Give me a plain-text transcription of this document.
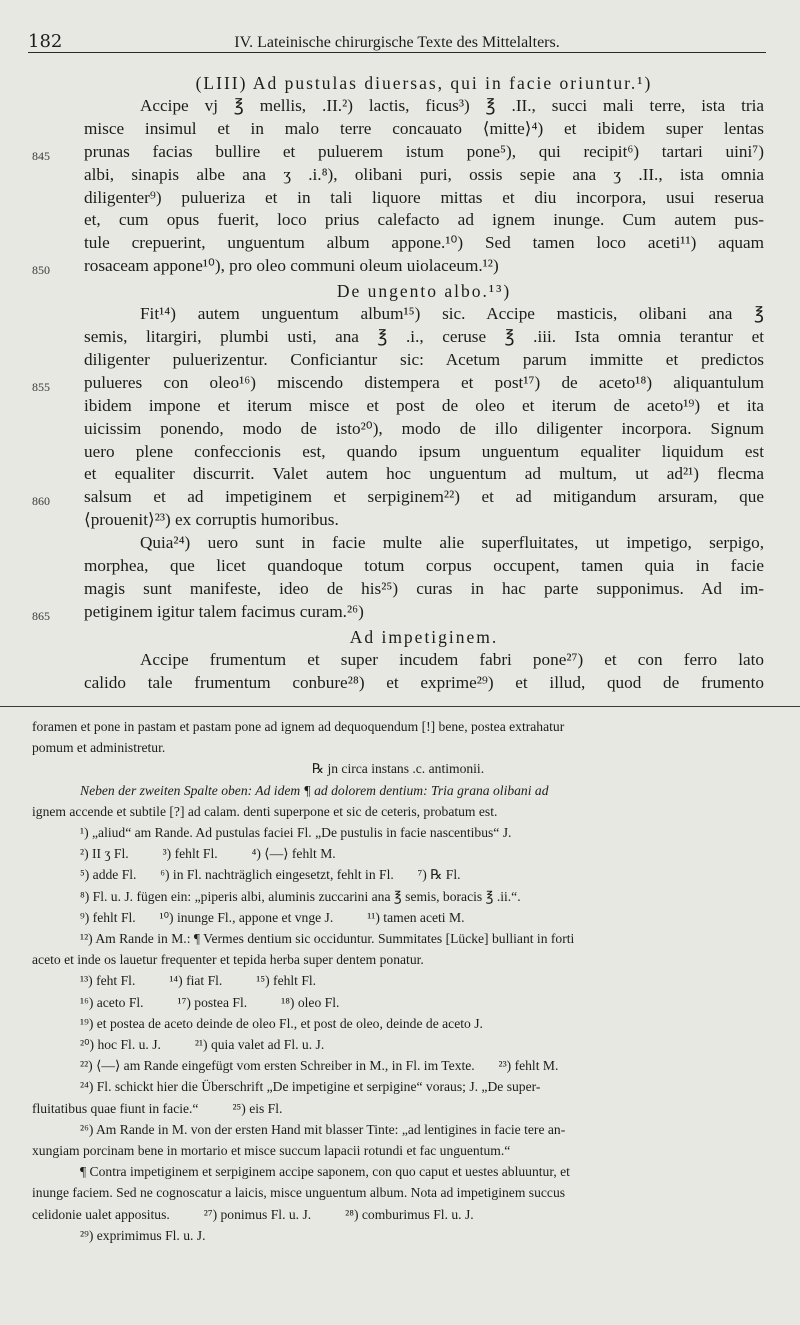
182	IV. Lateinische chirurgische Texte des Mittelalters.
(LIII) Ad pustulas diuersas, qui in facie oriuntur.¹)
Accipe vj ℥ mellis, .II.²) lactis, ficus³) ℥ .II., succi mali terre, ista tria
misce insimul et in malo terre concauato ⟨mitte⟩⁴) et ibidem super lentas
845 prunas facias bullire et puluerem istum pone⁵), qui recipit⁶) tartari uini⁷)
albi, sinapis albe ana ʒ .i.⁸), olibani puri, ossis sepie ana ʒ .II., ista omnia
diligenter⁹) pulueriza et in tali liquore mittas et diu incorpora, usui reserua
et, cum opus fuerit, loco prius calefacto ad ignem inunge. Cum autem pus-
tule crepuerint, unguentum album appone.¹⁰) Sed tamen loco aceti¹¹) aquam
850 rosaceam appone¹⁰), pro oleo communi oleum uiolaceum.¹²)
De ungento albo.¹³)
Fit¹⁴) autem unguentum album¹⁵) sic. Accipe masticis, olibani ana ℥
semis, litargiri, plumbi usti, ana ℥ .i., ceruse ℥ .iii. Ista omnia terantur et
diligenter puluerizentur. Conficiantur sic: Acetum parum immitte et predictos
855 pulueres con oleo¹⁶) miscendo distempera et post¹⁷) de aceto¹⁸) aliquantulum
ibidem impone et iterum misce et post de oleo et iterum de aceto¹⁹) et ita
uicissim ponendo, modo de isto²⁰), modo de illo diligenter incorpora. Signum
uero plene confeccionis est, quando ipsum unguentum equaliter liquidum est
et equaliter discurrit. Valet autem hoc unguentum ad multum, ut ad²¹) flecma
860 salsum et ad impetiginem et serpiginem²²) et ad mitigandum arsuram, que
⟨prouenit⟩²³) ex corruptis humoribus.
Quia²⁴) uero sunt in facie multe alie superfluitates, ut impetigo, serpigo,
morphea, que licet quandoque totum corpus occupent, tamen quia in facie
magis sunt manifeste, ideo de his²⁵) curas in hac parte supponimus. Ad im-
865 petiginem igitur talem facimus curam.²⁶)
Ad impetiginem.
Accipe frumentum et super incudem fabri pone²⁷) et con ferro lato
calido tale frumentum conbure²⁸) et exprime²⁹) et illud, quod de frumento

foramen et pone in pastam et pastam pone ad ignem ad dequoquendum [!] bene, postea extrahatur

pomum et administretur.

℞ jn circa instans .c. antimonii.

Neben der zweiten Spalte oben: Ad idem ¶ ad dolorem dentium: Tria grana olibani ad

ignem accende et subtile [?] ad calam. denti superpone et sic de ceteris, probatum est.

¹) „aliud“ am Rande. Ad pustulas faciei Fl. „De pustulis in facie nascentibus“ J.

²) II ʒ Fl.          ³) fehlt Fl.          ⁴) ⟨—⟩ fehlt M.

⁵) adde Fl.       ⁶) in Fl. nachträglich eingesetzt, fehlt in Fl.       ⁷) ℞ Fl.

⁸) Fl. u. J. fügen ein: „piperis albi, aluminis zuccarini ana ℥ semis, boracis ℥ .ii.“.

⁹) fehlt Fl.       ¹⁰) inunge Fl., appone et vnge J.          ¹¹) tamen aceti M.

¹²) Am Rande in M.: ¶ Vermes dentium sic occiduntur. Summitates [Lücke] bulliant in forti

aceto et inde os lauetur frequenter et tepida herba super dentem ponatur.

¹³) feht Fl.          ¹⁴) fiat Fl.          ¹⁵) fehlt Fl.

¹⁶) aceto Fl.          ¹⁷) postea Fl.          ¹⁸) oleo Fl.

¹⁹) et postea de aceto deinde de oleo Fl., et post de oleo, deinde de aceto J.

²⁰) hoc Fl. u. J.          ²¹) quia valet ad Fl. u. J.

²²) ⟨—⟩ am Rande eingefügt vom ersten Schreiber in M., in Fl. im Texte.       ²³) fehlt M.

²⁴) Fl. schickt hier die Überschrift „De impetigine et serpigine“ voraus; J. „De super-

fluitatibus quae fiunt in facie.“          ²⁵) eis Fl.

²⁶) Am Rande in M. von der ersten Hand mit blasser Tinte: „ad lentigines in facie tere an-

xungiam porcinam bene in mortario et misce succum lapacii rotundi et fac unguentum.“

¶ Contra impetiginem et serpiginem accipe saponem, con quo caput et uestes abluuntur, et

inunge faciem. Sed ne cognoscatur a laicis, misce unguentum album. Nota ad impetiginem succus

celidonie ualet appositus.          ²⁷) ponimus Fl. u. J.          ²⁸) comburimus Fl. u. J.

²⁹) exprimimus Fl. u. J.
